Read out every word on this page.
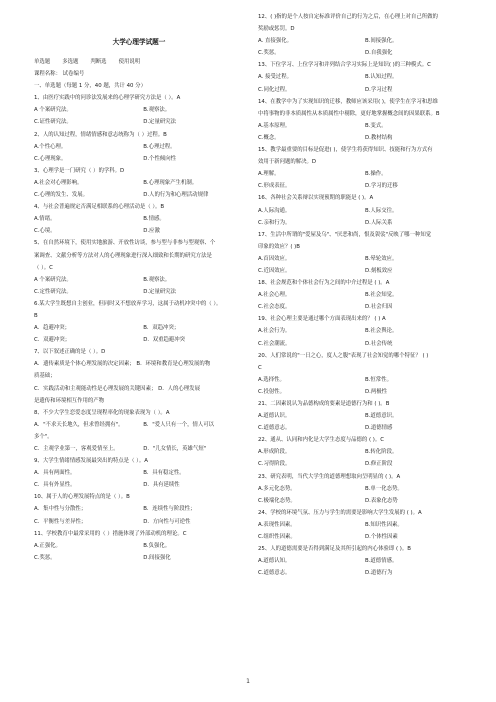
大学心理学试题一
单选题 多选题 判断选 使用说明
课程名称： 试卷编号
一、单选题（每题 1 分，40 题，共计 40 分）
1、由医疗实践中的问诊法发展来的心理学研究方法是（ ）。A
A 个案研究法。	B.观察法。
C.证性研究法。	D.定量研究法
2、人的认知过程，情绪情感和意志统称为（ ）过程。B
A.个性心理。	B.心理过程。
C.心理现象。	D.个性倾向性
3、心理学是一门研究（ ）的学科。D
A.社会对心理影响。	B.心理现象产生机制。
C.心理的发生、发展。	D.人的行为和心理活动规律
4、与社会普遍规定否满足相联系的心理活动是（ ）。B
A.情绪。	B.情感。
C.心境。	D.应激
5、在自然环境下，使用实地旅游、开放性访谈，参与型与非参与型观察、个
案调查、文献分析等方法对人的心理现象进行深入细致和长期的研究方法是
（ ）。C
A 个案研究法。	B.观察法。
C.定性研究法。	D.定量研究法
6.某大学生既想自主创业，但同时又不想放弃学习，这属于动机冲突中的（ ）。
B
A．趋避冲突；	B．双趋冲突；
C．双避冲突；	D．双重趋避冲突
7、以下叙述正确的是（ ）。D
A．遗传素质是个体心理发展的决定因素； B．环境和教育是心理发展的物
质基础；
C．实践活动和主观能动性是心理发展的关键因素； D．人的心理发展
是遗传和环境相互作用的产物
8、不少大学生恋爱态度呈现程率化的现象表现为（ ）。A
A．"不求天长地久，但求曾经拥有"。	B．"爱人只有一个，情人可以
多个"。
C．主观学业第一，客观爱情至上。	D．"儿女情长，英雄气短"
9、大学生情绪情感发展最突出的特点是（ ）。A
A．具有两面性。	B．具有稳定性。
C．具有外显性。	D．具有延续性
10、属于人的心理发展特点的是（ ）。B
A．集中性与分散性；	B．连续性与阶段性；
C．平衡性与差异性；	D．方向性与可逆性
11、学校教育中最常采用的（ ）措施体现了外部动机的理论。C
A.正强化。	B.负强化。
C.奖惩。	D.间接强化
12、( )指的是个人按自定标准评价自己的行为之后，在心理上对自己所做的
奖励或惩罚。D
A. 直接强化。	B.间接强化。
C.奖惩。	D.自我强化
13、下位学习、上位学习和并列结合学习实际上是知识( )的三种模式。C
A. 接受过程。	B.认知过程。
C.同化过程。	D.学习过程
14、在教学中为了实现知识的迁移，教师应该采用( )，使学生在学习和思维
中将事物的非本质属性从本质属性中剔除，更好地掌握概念间的因果联系。B
A.基本原理。	B.变式。
C.概念。	D.教材结构
15、教学最重要的目标是促进( )，使学生将获得知识、技能和行为方式有
效用于新问题的解决。D
A.理解。	B.操作。
C.形成表征。	D.学习的迁移
16、各种社会关系辩以实现预期的职能是 ( )。A
A.人际沟通。	B.人际交往。
C.亲和行为。	D.人际关系
17、生活中所谓的"爱屋及乌"、"厌恶和尚，恨及袈裟"反映了哪一种知觉
印象的效应？( )B
A.首因效应。	B.晕轮效应。
C.近因效应。	D.刻板效应
18、社会规范和个体社会行为之间的中介过程是 ( )。A
A.社会心理。	B.社会知觉。
C.社会态度。	D.社会归因
19、社会心理主要是通过哪个方面表现出来的？ ( ) A
A.社会行为。	B.社会舆论。
C.社会潮流。	D.社会传统
20、人们常说的"一日之心，度人之腹"表现了社会知觉的哪个特征？ ( )
C
A.选择性。	B.恒常性。
C.投射性。	D.两极性
21、二因素说认为品德构成的要素是道德行为和 ( )。B
A.道德认识。	B.道德意识。
C.道德意志。	D.道德情感
22、通从、认同和内化是大学生态度与品德的 ( )。C
A.形成阶段。	B.转化阶段。
C.习得阶段。	D.修正阶段
23、研究表明，当代大学生的道德理想取向呈明显的 ( )。A
A.多元化态势。	B.单一化态势。
C.极端化态势。	D.表象化态势
24、学校的环境气氛、压力与学生的需要是影响大学生发展的 ( )。A
A.表现性因素。	B.知识性因素。
C.组织性因素。	D.个体性因素
25、人的道德需要是否得到满足及其所引起的内心体验即 ( )。B
A.道德认知。	B.道德情感。
C.道德意志。	D.道德行为
1
